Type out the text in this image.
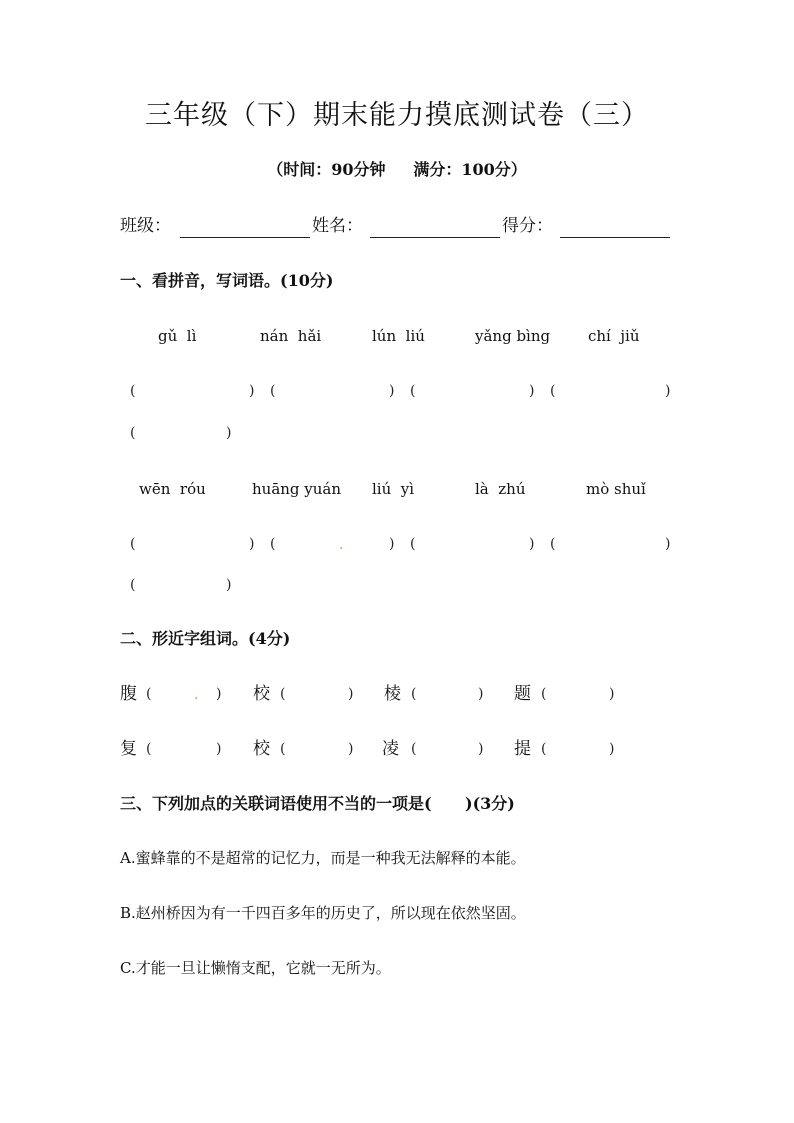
三年级（下）期末能力摸底测试卷（三）
（时间：90分钟     满分：100分）
班级：	姓名：	得分：
一、看拼音，写词语。(10分)
gǔ  lì	nán  hǎi	lún  liú	yǎng bìng	chí  jiǔ
(	) (	) (	) (	)
(	)
wēn  róu	huāng yuán liú  yì	là  zhú	mò shuǐ
(	) (	.	) (	) (	)
(	)
二、形近字组词。(4分)
腹 (	. ) 校 (	) 棱 (	) 题 (	)
复 (	) 校 (	) 凌 (	) 提 (	)
三、下列加点的关联词语使用不当的一项是(      )(3分)
A.蜜蜂靠的不是超常的记忆力，而是一种我无法解释的本能。
B.赵州桥因为有一千四百多年的历史了，所以现在依然坚固。
C.才能一旦让懒惰支配，它就一无所为。
